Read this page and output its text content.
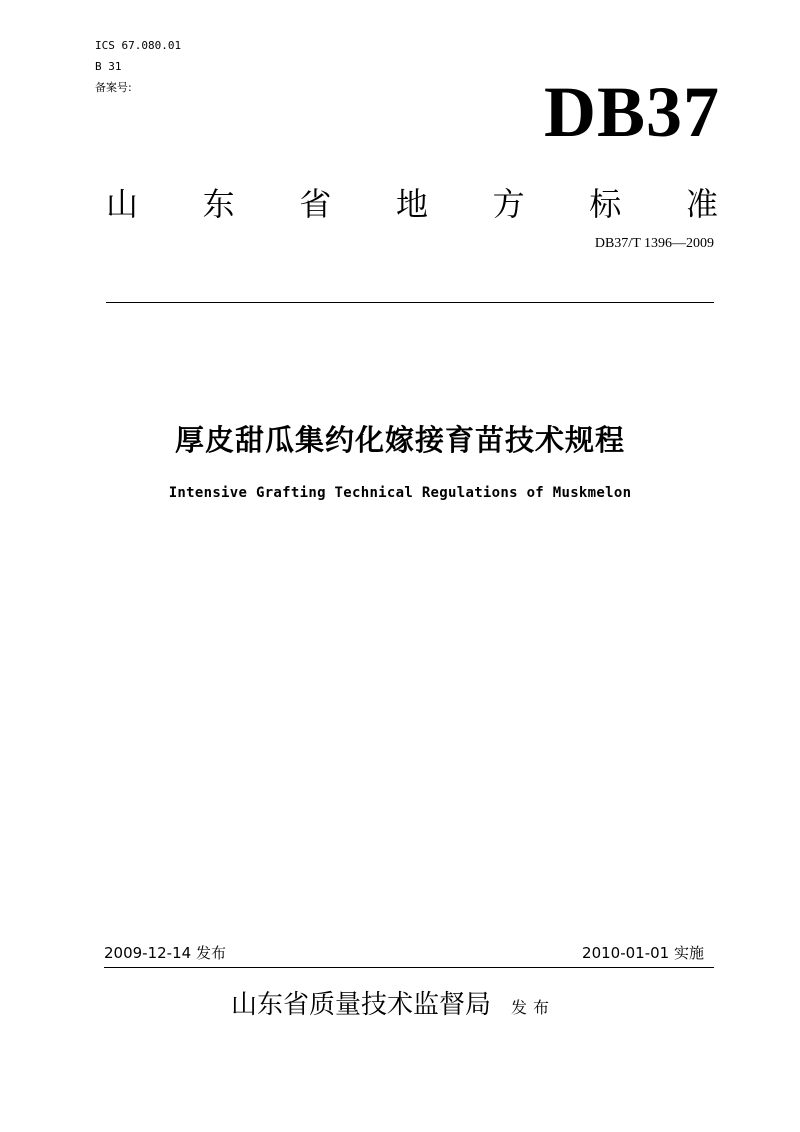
ICS 67.080.01
B 31
备案号:	DB37
山 东 省 地 方 标 准
DB37/T 1396—2009
厚皮甜瓜集约化嫁接育苗技术规程
Intensive Grafting Technical Regulations of Muskmelon
2009-12-14 发布	2010-01-01 实施
山东省质量技术监督局 发布
